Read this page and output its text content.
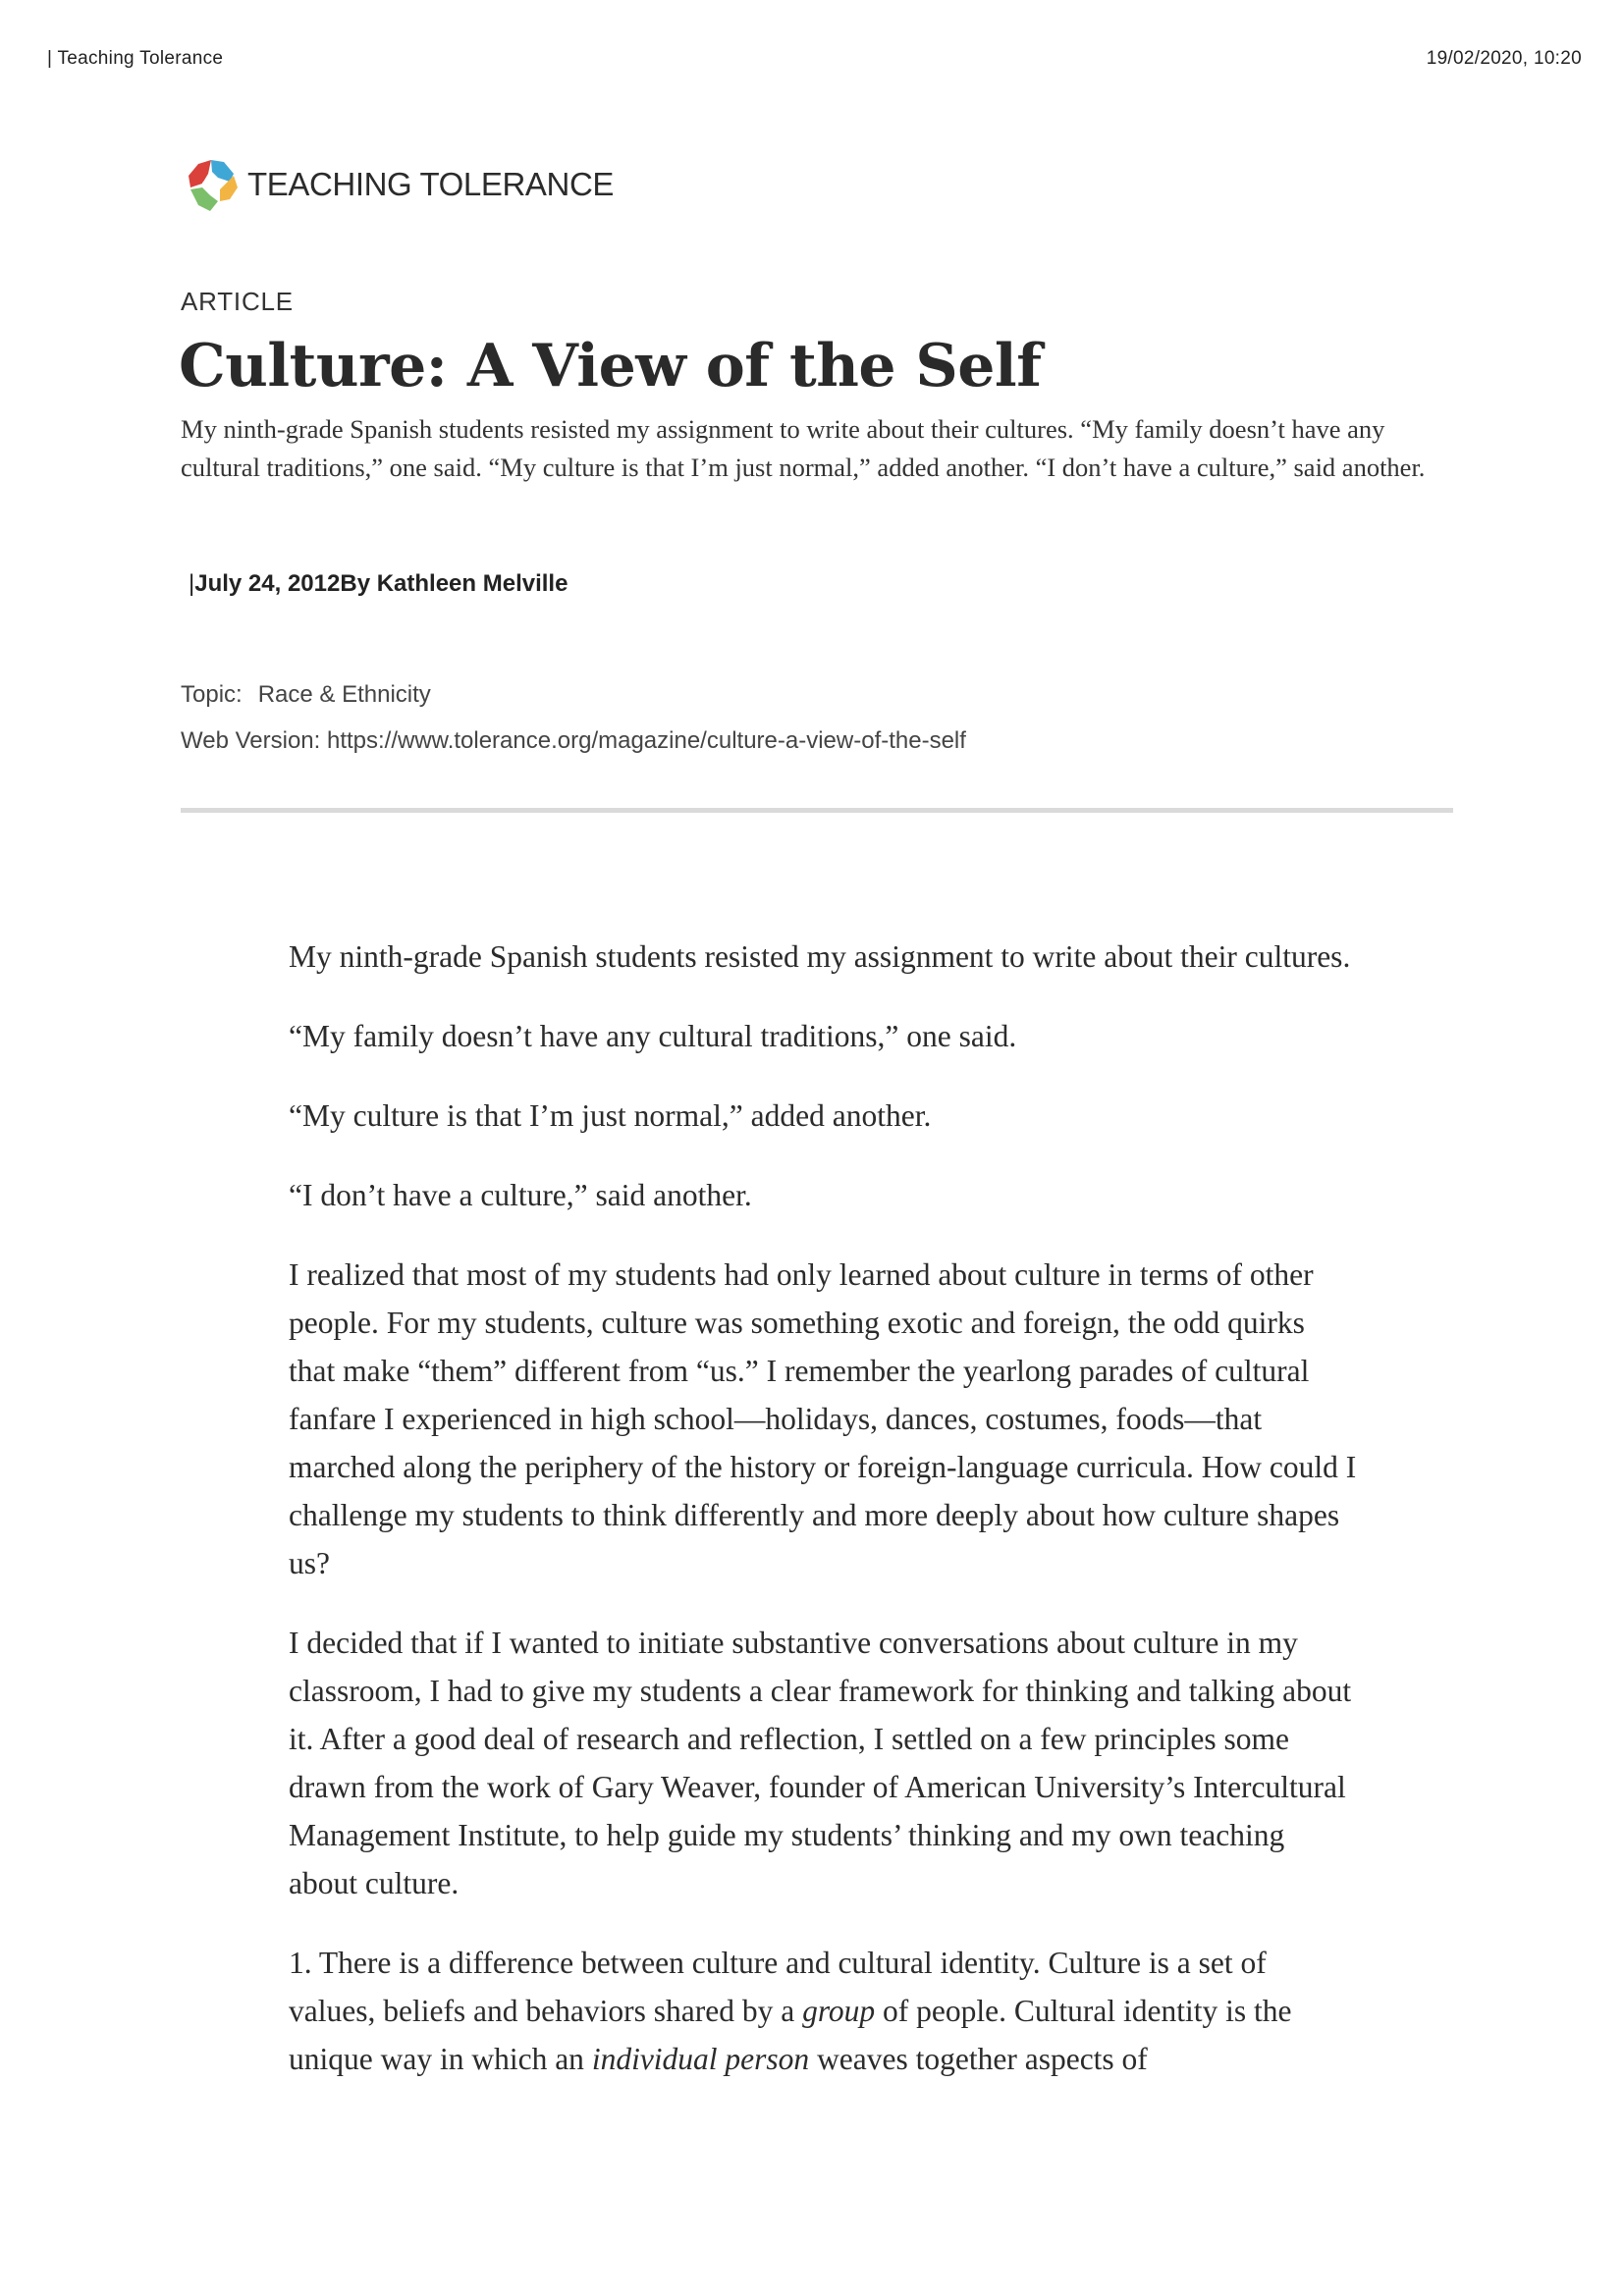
| Teaching Tolerance	19/02/2020, 10:20
TEACHING TOLERANCE
ARTICLE
Culture: A View of the Self

My ninth-grade Spanish students resisted my assignment to write about their cultures. “My family doesn’t have any cultural traditions,” one said. “My culture is that I’m just normal,” added another. “I don’t have a culture,” said another.

|July 24, 2012By Kathleen Melville
Topic: Race & Ethnicity
Web Version: https://www.tolerance.org/magazine/culture-a-view-of-the-self

My ninth-grade Spanish students resisted my assignment to write about their cultures.

“My family doesn’t have any cultural traditions,” one said.

“My culture is that I’m just normal,” added another.

“I don’t have a culture,” said another.

I realized that most of my students had only learned about culture in terms of other people. For my students, culture was something exotic and foreign, the odd quirks that make “them” different from “us.” I remember the yearlong parades of cultural fanfare I experienced in high school—holidays, dances, costumes, foods—that marched along the periphery of the history or foreign-language curricula. How could I challenge my students to think differently and more deeply about how culture shapes us?

I decided that if I wanted to initiate substantive conversations about culture in my classroom, I had to give my students a clear framework for thinking and talking about it. After a good deal of research and reflection, I settled on a few principles some drawn from the work of Gary Weaver, founder of American University’s Intercultural Management Institute, to help guide my students’ thinking and my own teaching about culture.

1. There is a difference between culture and cultural identity. Culture is a set of values, beliefs and behaviors shared by a group of people. Cultural identity is the unique way in which an individual person weaves together aspects of
